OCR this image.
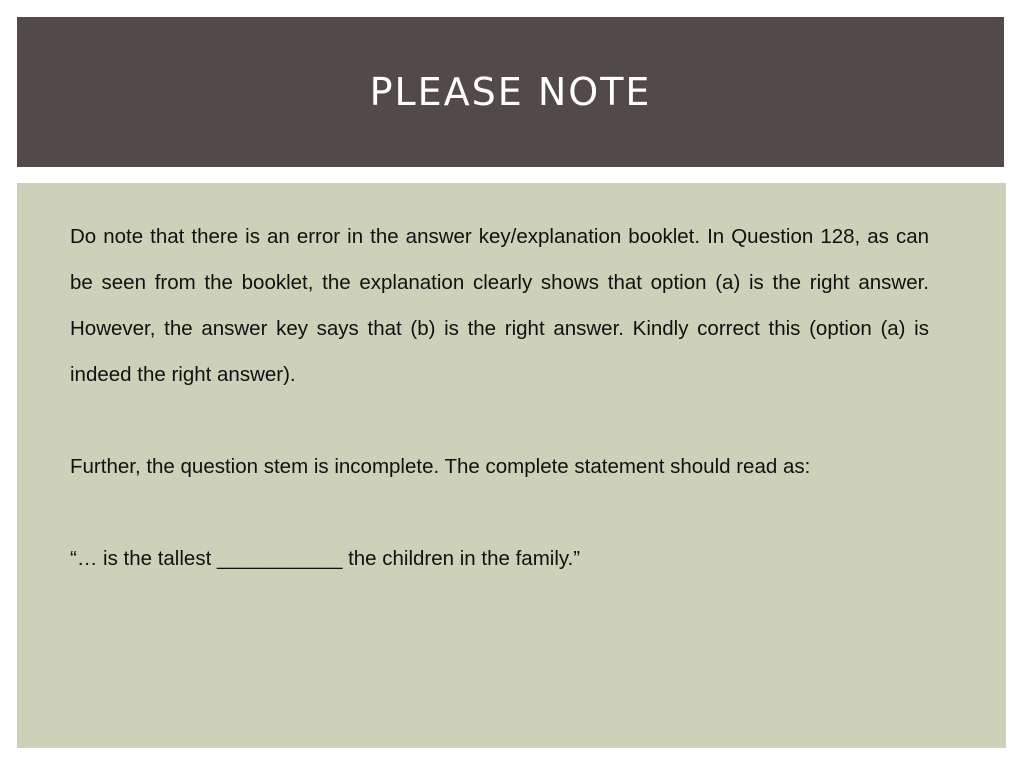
PLEASE NOTE

Do note that there is an error in the answer key/explanation booklet. In Question 128, as can be seen from the booklet, the explanation clearly shows that option (a) is the right answer. However, the answer key says that (b) is the right answer. Kindly correct this (option (a) is indeed the right answer).

Further, the question stem is incomplete. The complete statement should read as:

“… is the tallest ___________ the children in the family.”
